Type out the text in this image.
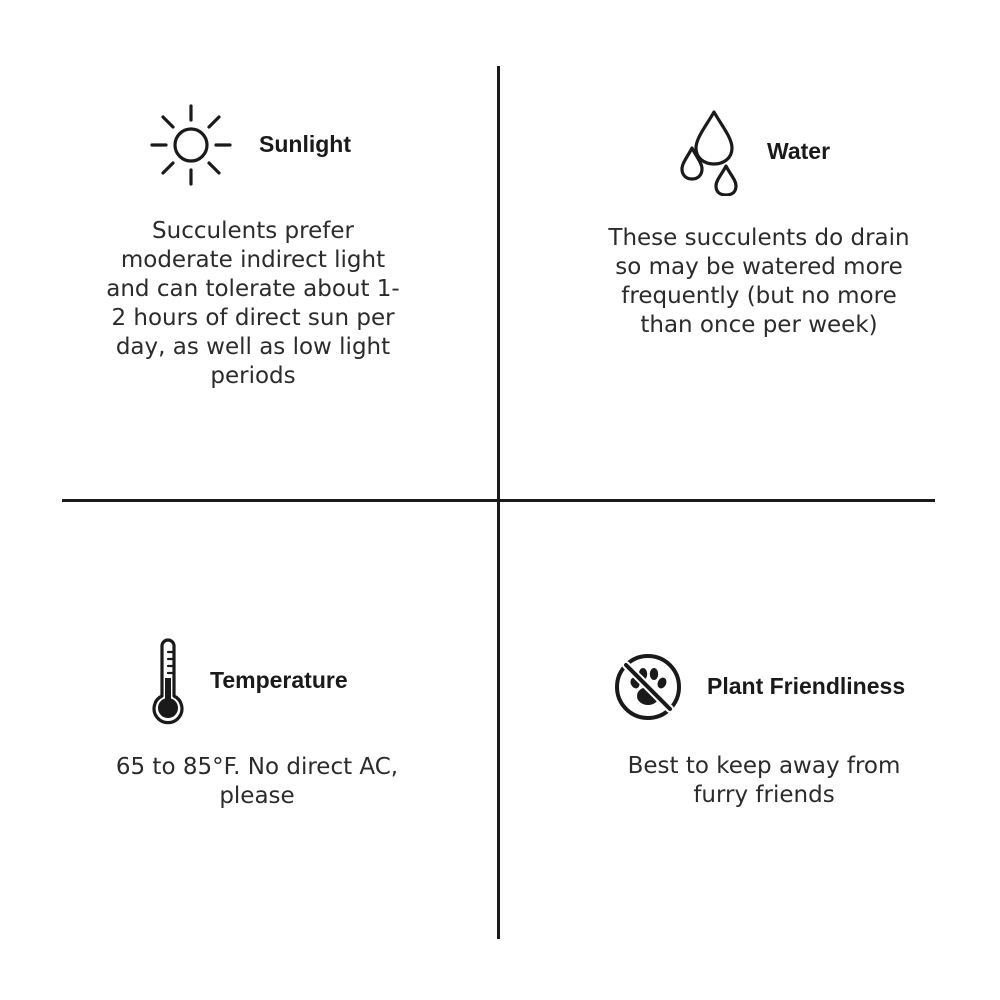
Sunlight
Succulents prefer
moderate indirect light
and can tolerate about 1-
2 hours of direct sun per
day, as well as low light
periods
Water
These succulents do drain
so may be watered more
frequently (but no more
than once per week)
Temperature
65 to 85°F. No direct AC,
please
Plant Friendliness
Best to keep away from
furry friends
